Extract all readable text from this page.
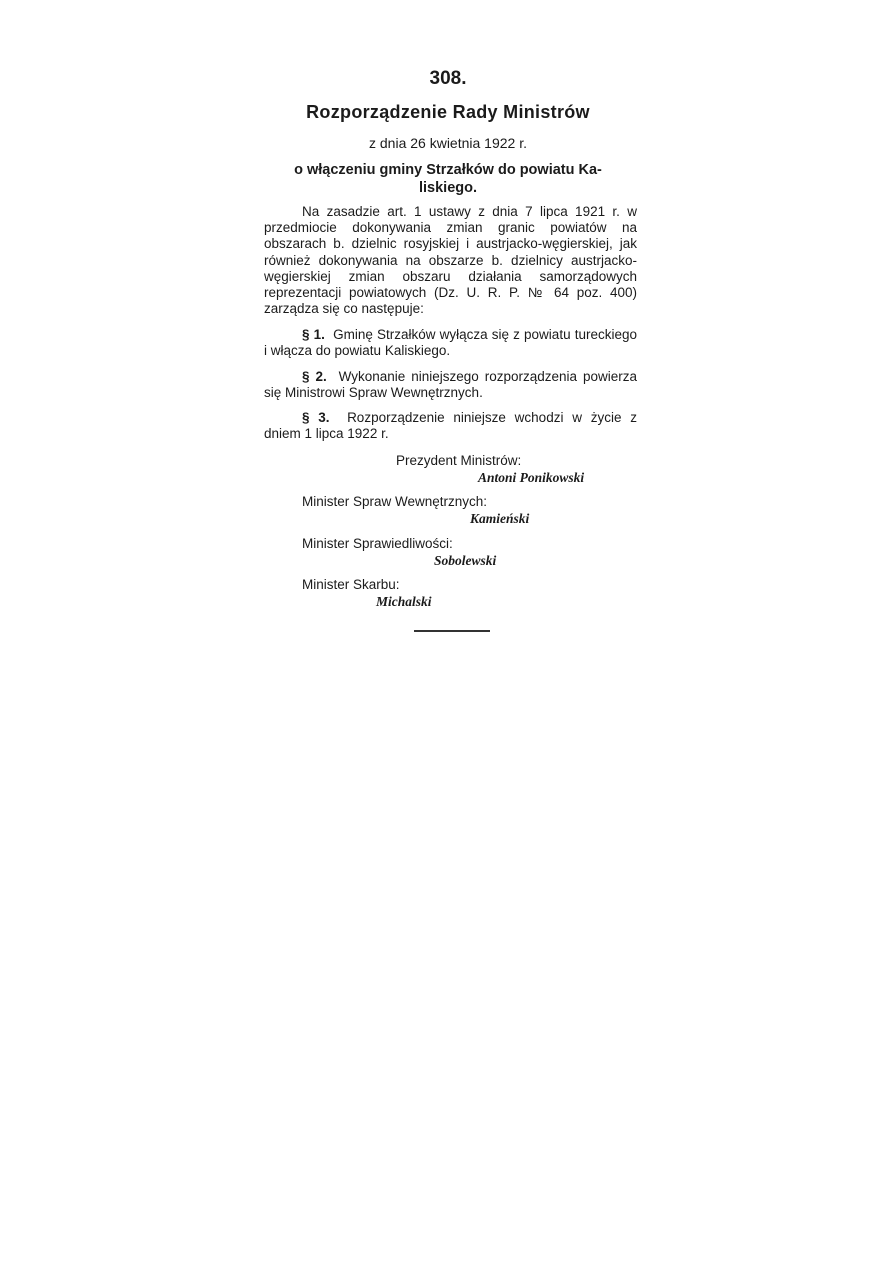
308.
Rozporządzenie Rady Ministrów
z dnia 26 kwietnia 1922 r.
o włączeniu gminy Strzałków do powiatu Ka-
liskiego.
Na zasadzie art. 1 ustawy z dnia 7 lipca 1921 r. w przedmiocie dokonywania zmian granic powiatów na obszarach b. dzielnic rosyjskiej i austrjacko-węgierskiej, jak również dokonywania na obszarze b. dzielnicy austrjacko-węgierskiej zmian obszaru działania samorządowych reprezentacji powiatowych (Dz. U. R. P. № 64 poz. 400) zarządza się co następuje:
§ 1. Gminę Strzałków wyłącza się z powiatu tureckiego i włącza do powiatu Kaliskiego.
§ 2. Wykonanie niniejszego rozporządzenia powierza się Ministrowi Spraw Wewnętrznych.
§ 3. Rozporządzenie niniejsze wchodzi w życie z dniem 1 lipca 1922 r.
Prezydent Ministrów:
Antoni Ponikowski
Minister Spraw Wewnętrznych:
Kamieński
Minister Sprawiedliwości:
Sobolewski
Minister Skarbu:
Michalski
